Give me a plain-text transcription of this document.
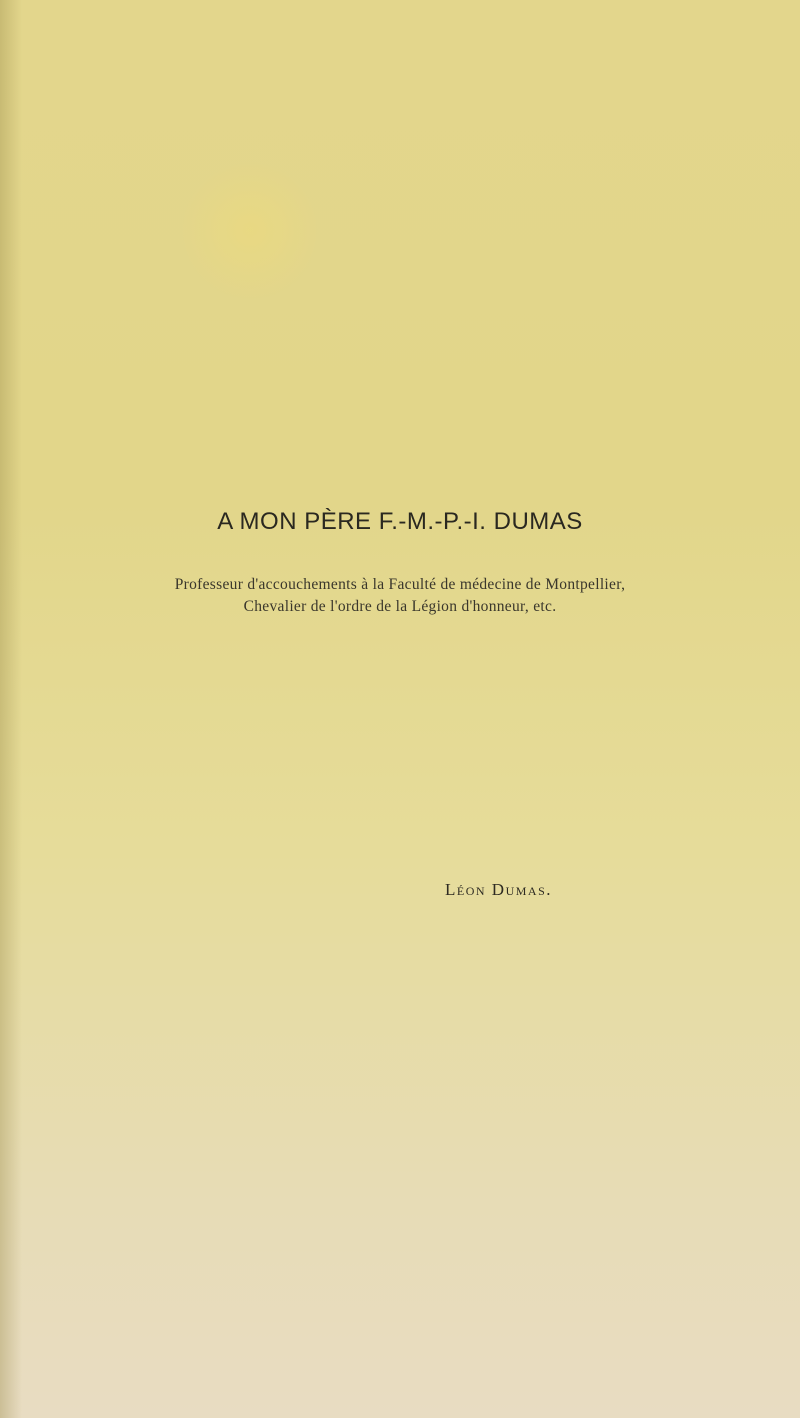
A MON PÈRE F.-M.-P.-I. DUMAS

Professeur d'accouchements à la Faculté de médecine de Montpellier,

Chevalier de l'ordre de la Légion d'honneur, etc.

Léon Dumas.
